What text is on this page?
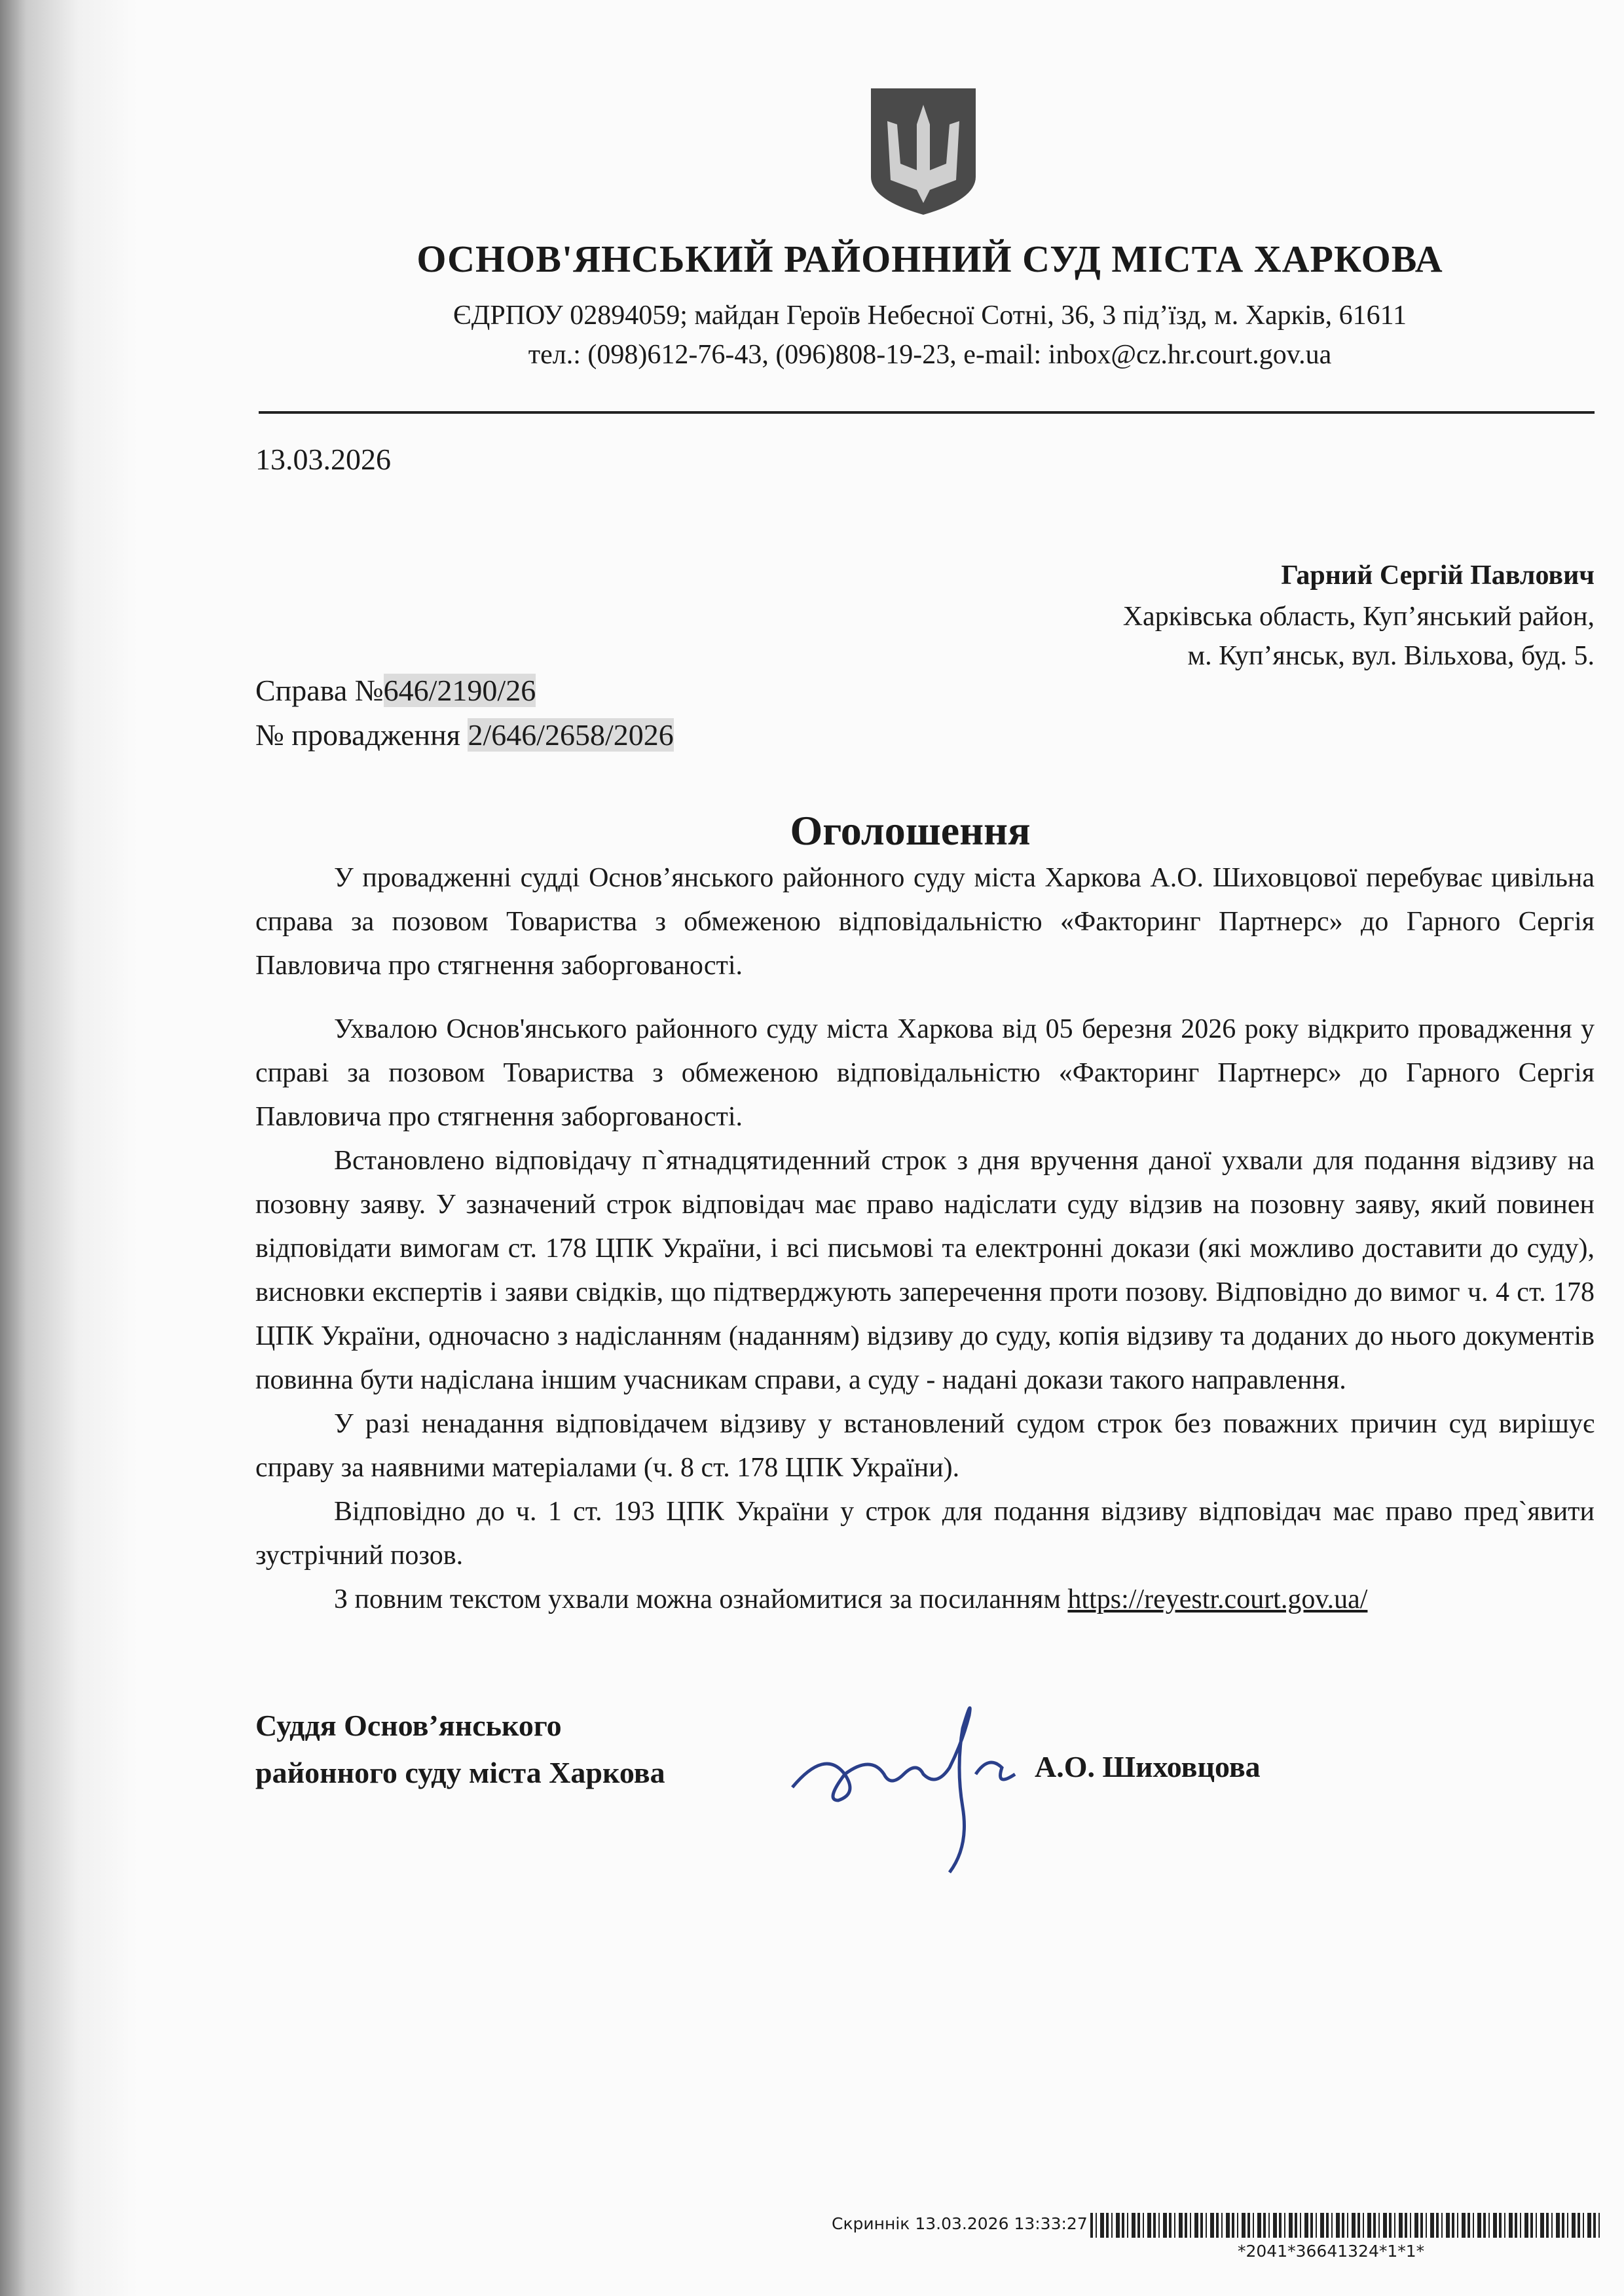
ОСНОВ'ЯНСЬКИЙ РАЙОННИЙ СУД МІСТА ХАРКОВА
ЄДРПОУ 02894059; майдан Героїв Небесної Сотні, 36, 3 під’їзд, м. Харків, 61611
тел.: (098)612-76-43, (096)808-19-23, e-mail: inbox@cz.hr.court.gov.ua
13.03.2026
Гарний Сергій Павлович
Харківська область, Куп’янський район,
м. Куп’янськ, вул. Вільхова, буд. 5.
Справа №646/2190/26
№ провадження 2/646/2658/2026
Оголошення

У провадженні судді Основ’янського районного суду міста Харкова А.О. Шиховцової перебуває цивільна справа за позовом Товариства з обмеженою відповідальністю «Факторинг Партнерс» до Гарного Сергія Павловича про стягнення заборгованості.

Ухвалою Основ'янського районного суду міста Харкова від 05 березня 2026 року відкрито провадження у справі за позовом Товариства з обмеженою відповідальністю «Факторинг Партнерс» до Гарного Сергія Павловича про стягнення заборгованості.

Встановлено відповідачу п`ятнадцятиденний строк з дня вручення даної ухвали для подання відзиву на позовну заяву. У зазначений строк відповідач має право надіслати суду відзив на позовну заяву, який повинен відповідати вимогам ст. 178 ЦПК України, і всі письмові та електронні докази (які можливо доставити до суду), висновки експертів і заяви свідків, що підтверджують заперечення проти позову. Відповідно до вимог ч. 4 ст. 178 ЦПК України, одночасно з надісланням (наданням) відзиву до суду, копія відзиву та доданих до нього документів повинна бути надіслана іншим учасникам справи, а суду - надані докази такого направлення.

У разі ненадання відповідачем відзиву у встановлений судом строк без поважних причин суд вирішує справу за наявними матеріалами (ч. 8 ст. 178 ЦПК України).

Відповідно до ч. 1 ст. 193 ЦПК України у строк для подання відзиву відповідач має право пред`явити зустрічний позов.

З повним текстом ухвали можна ознайомитися за посиланням https://reyestr.court.gov.ua/

Суддя Основ’янського
районного суду міста Харкова	А.О. Шиховцова
Скриннік 13.03.2026 13:33:27
*2041*36641324*1*1*
